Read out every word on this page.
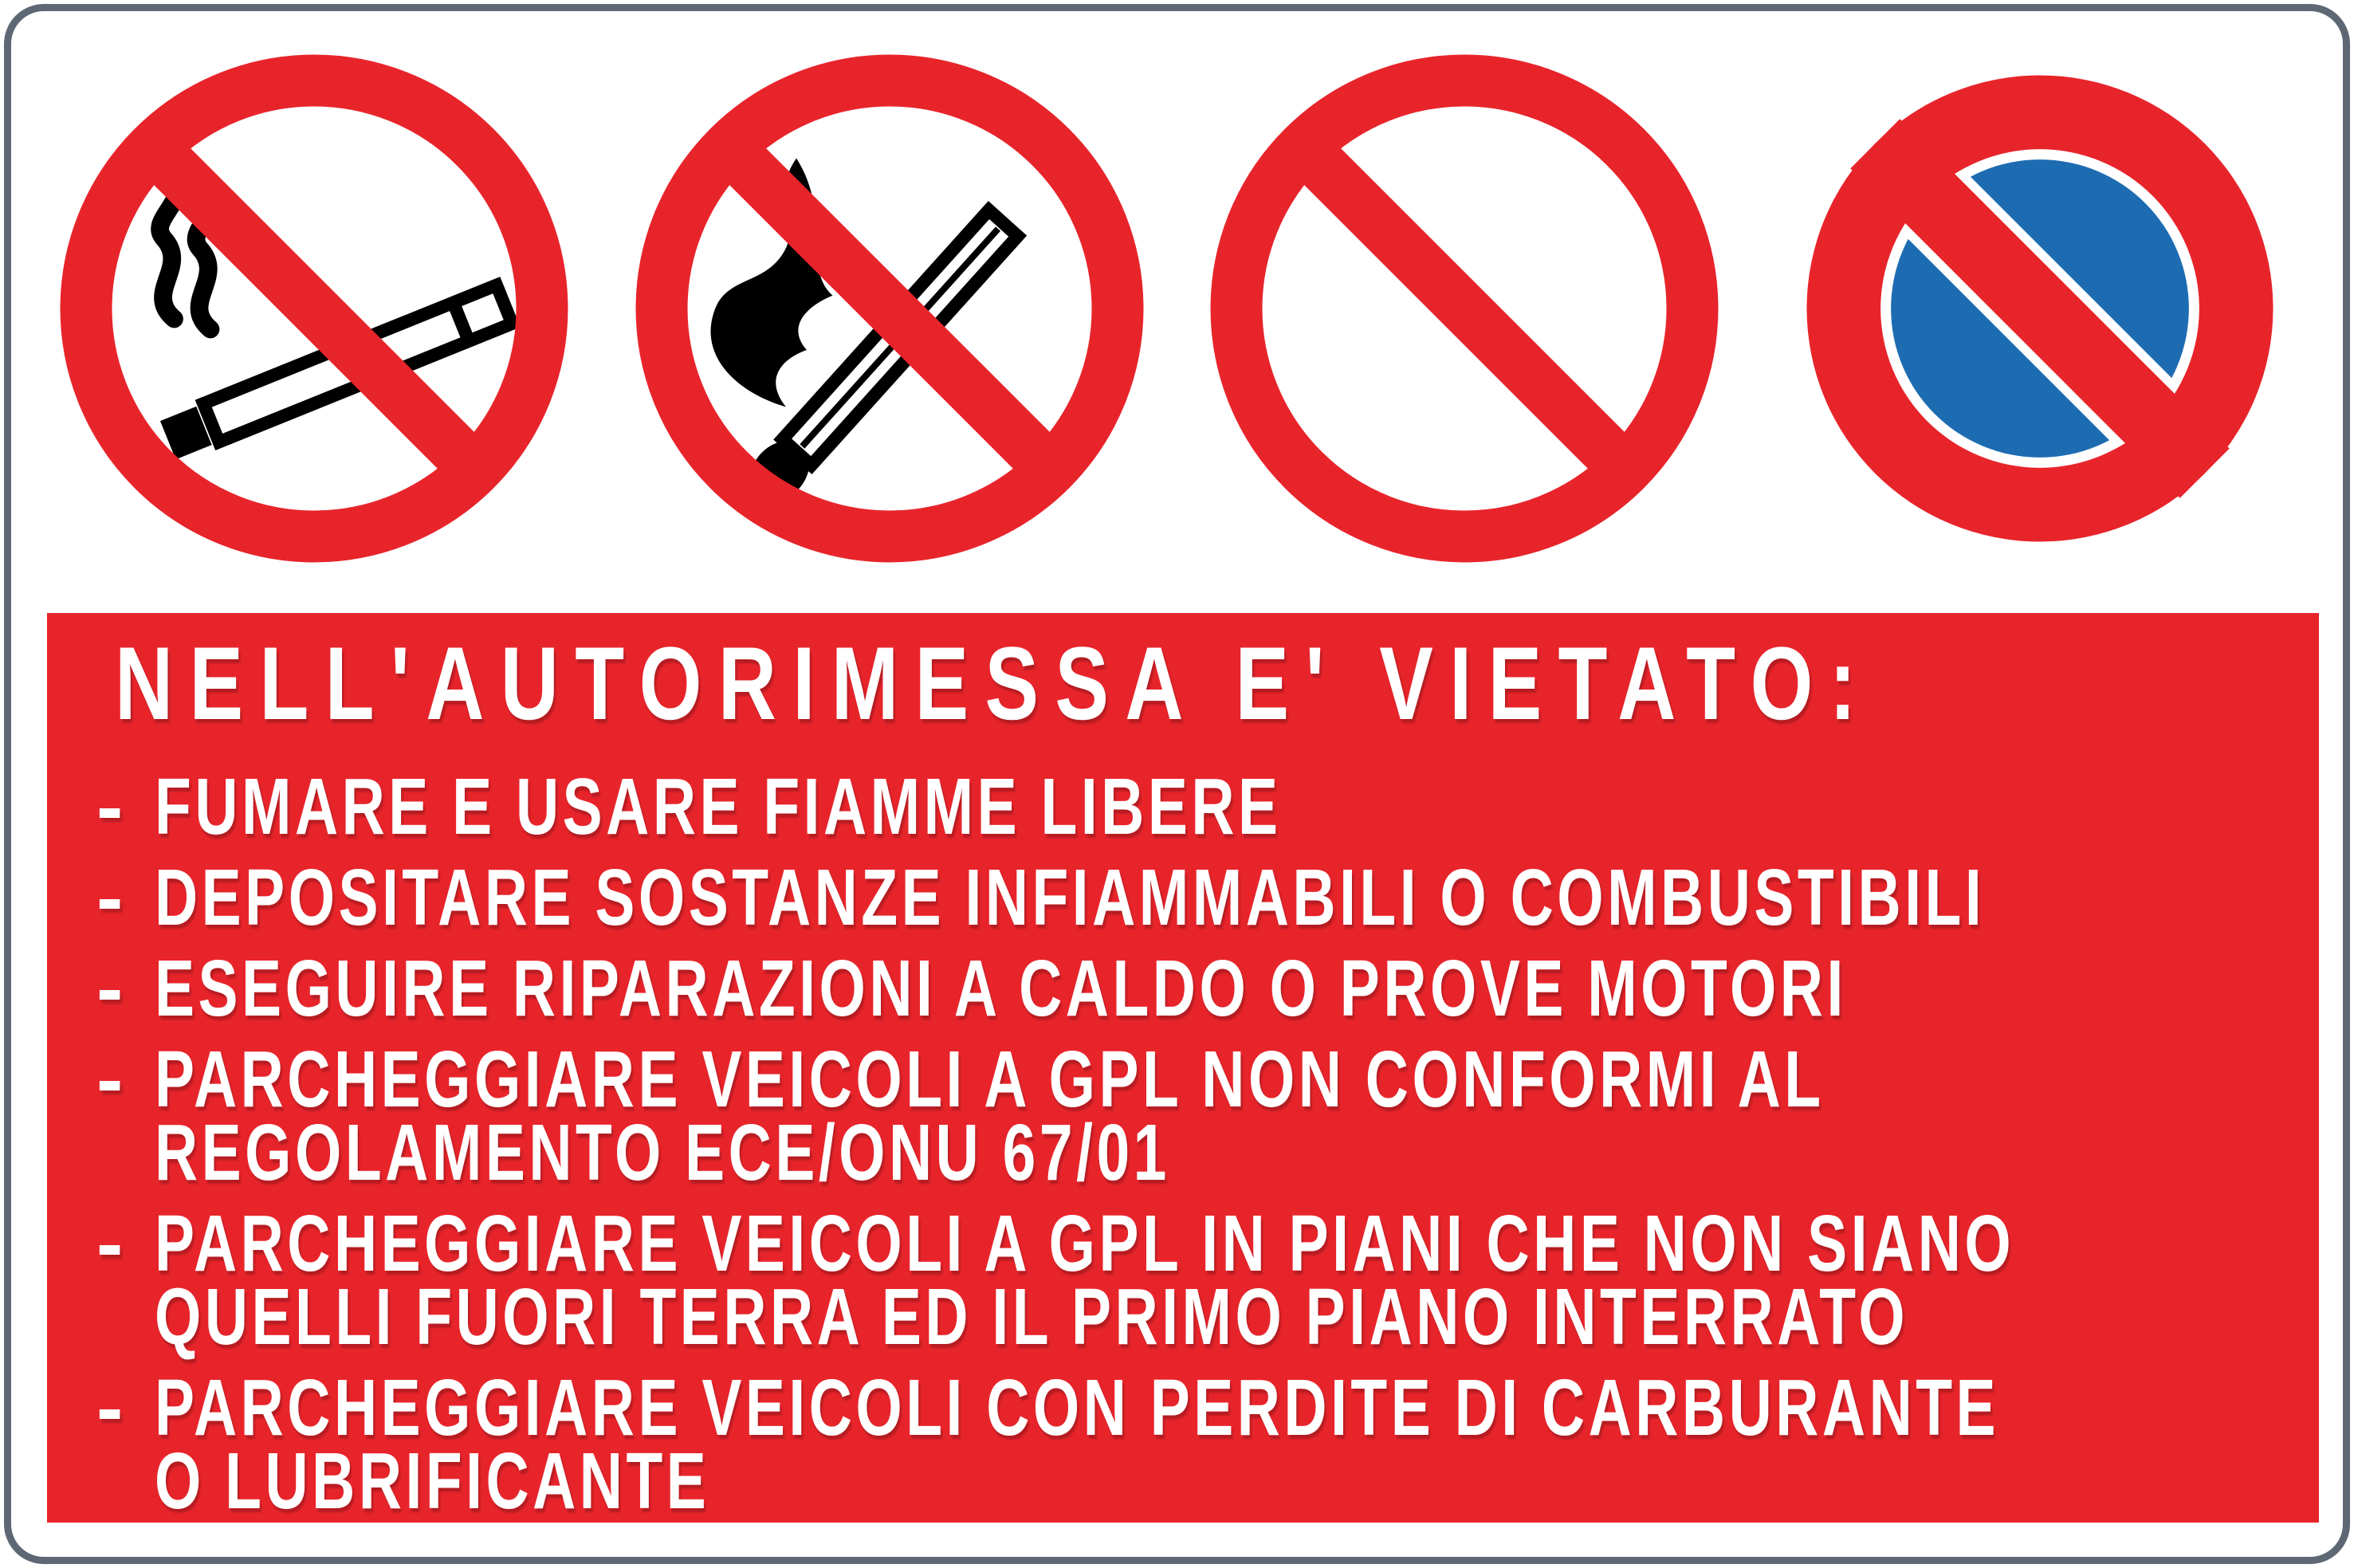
NELL'AUTORIMESSA E' VIETATO:
- FUMARE E USARE FIAMME LIBERE
- DEPOSITARE SOSTANZE INFIAMMABILI O COMBUSTIBILI
- ESEGUIRE RIPARAZIONI A CALDO O PROVE MOTORI
- PARCHEGGIARE VEICOLI A GPL NON CONFORMI AL
REGOLAMENTO ECE/ONU 67/01
- PARCHEGGIARE VEICOLI A GPL IN PIANI CHE NON SIANO
QUELLI FUORI TERRA ED IL PRIMO PIANO INTERRATO
- PARCHEGGIARE VEICOLI CON PERDITE DI CARBURANTE
O LUBRIFICANTE
